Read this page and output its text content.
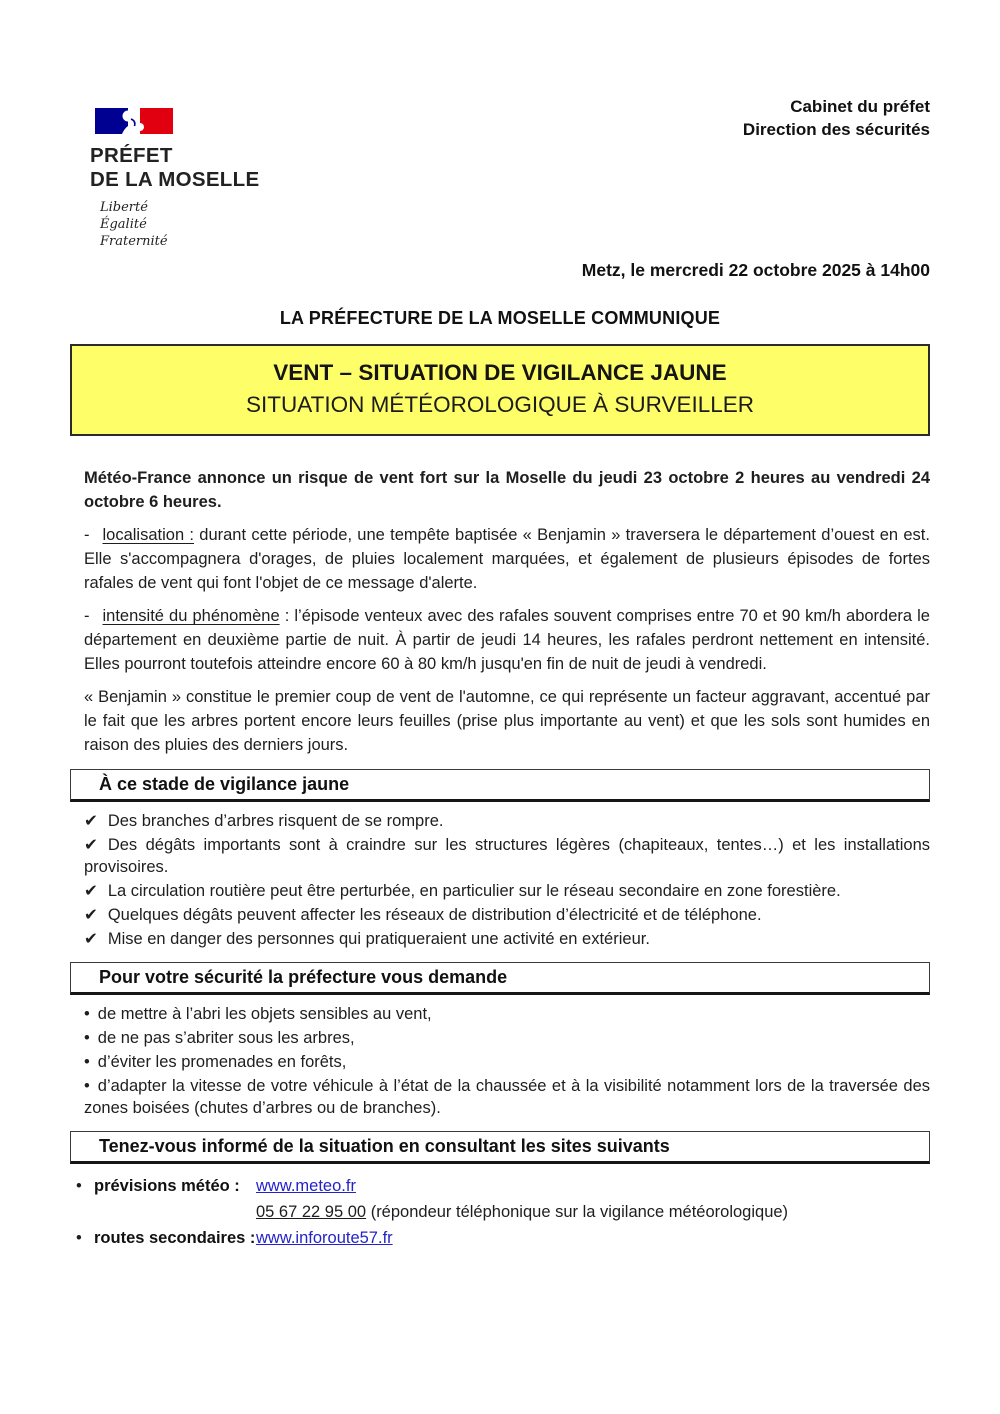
PRÉFET
DE LA MOSELLE
Liberté
Égalité
Fraternité
Cabinet du préfet
Direction des sécurités
Metz, le mercredi 22 octobre 2025 à 14h00
LA PRÉFECTURE DE LA MOSELLE COMMUNIQUE
VENT – SITUATION DE VIGILANCE JAUNE
SITUATION MÉTÉOROLOGIQUE À SURVEILLER
Météo-France annonce un risque de vent fort sur la Moselle du jeudi 23 octobre 2 heures au vendredi 24 octobre 6 heures.
- localisation : durant cette période, une tempête baptisée « Benjamin » traversera le département d’ouest en est. Elle s'accompagnera d'orages, de pluies localement marquées, et également de plusieurs épisodes de fortes rafales de vent qui font l'objet de ce message d'alerte.
- intensité du phénomène : l’épisode venteux avec des rafales souvent comprises entre 70 et 90 km/h abordera le département en deuxième partie de nuit. À partir de jeudi 14 heures, les rafales perdront nettement en intensité. Elles pourront toutefois atteindre encore 60 à 80 km/h jusqu'en fin de nuit de jeudi à vendredi.
« Benjamin » constitue le premier coup de vent de l'automne, ce qui représente un facteur aggravant, accentué par le fait que les arbres portent encore leurs feuilles (prise plus importante au vent) et que les sols sont humides en raison des pluies des derniers jours.
À ce stade de vigilance jaune
✔ Des branches d’arbres risquent de se rompre.
✔ Des dégâts importants sont à craindre sur les structures légères (chapiteaux, tentes…) et les installations provisoires.
✔ La circulation routière peut être perturbée, en particulier sur le réseau secondaire en zone forestière.
✔ Quelques dégâts peuvent affecter les réseaux de distribution d’électricité et de téléphone.
✔ Mise en danger des personnes qui pratiqueraient une activité en extérieur.
Pour votre sécurité la préfecture vous demande
• de mettre à l’abri les objets sensibles au vent,
• de ne pas s’abriter sous les arbres,
• d’éviter les promenades en forêts,
• d’adapter la vitesse de votre véhicule à l’état de la chaussée et à la visibilité notamment lors de la traversée des zones boisées (chutes d’arbres ou de branches).
Tenez-vous informé de la situation en consultant les sites suivants
• prévisions météo : www.meteo.fr
05 67 22 95 00 (répondeur téléphonique sur la vigilance météorologique)
• routes secondaires : www.inforoute57.fr
